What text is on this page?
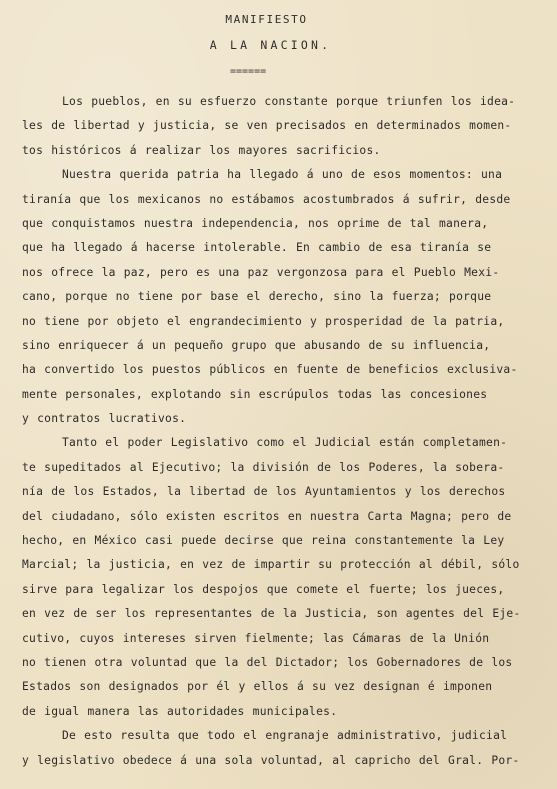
MANIFIESTO
A LA NACION.
======
Los pueblos, en su esfuerzo constante porque triunfen los idea-
les de libertad y justicia, se ven precisados en determinados momen-
tos históricos á realizar los mayores sacrificios.
Nuestra querida patria ha llegado á uno de esos momentos: una
tiranía que los mexicanos no estábamos acostumbrados á sufrir, desde
que conquistamos nuestra independencia, nos oprime de tal manera,
que ha llegado á hacerse intolerable. En cambio de esa tiranía se
nos ofrece la paz, pero es una paz vergonzosa para el Pueblo Mexi-
cano, porque no tiene por base el derecho, sino la fuerza; porque
no tiene por objeto el engrandecimiento y prosperidad de la patria,
sino enriquecer á un pequeño grupo que abusando de su influencia,
ha convertido los puestos públicos en fuente de beneficios exclusiva-
mente personales, explotando sin escrúpulos todas las concesiones
y contratos lucrativos.
Tanto el poder Legislativo como el Judicial están completamen-
te supeditados al Ejecutivo; la división de los Poderes, la sobera-
nía de los Estados, la libertad de los Ayuntamientos y los derechos
del ciudadano, sólo existen escritos en nuestra Carta Magna; pero de
hecho, en México casi puede decirse que reina constantemente la Ley
Marcial; la justicia, en vez de impartir su protección al débil, sólo
sirve para legalizar los despojos que comete el fuerte; los jueces,
en vez de ser los representantes de la Justicia, son agentes del Eje-
cutivo, cuyos intereses sirven fielmente; las Cámaras de la Unión
no tienen otra voluntad que la del Dictador; los Gobernadores de los
Estados son designados por él y ellos á su vez designan é imponen
de igual manera las autoridades municipales.
De esto resulta que todo el engranaje administrativo, judicial
y legislativo obedece á una sola voluntad, al capricho del Gral. Por-
